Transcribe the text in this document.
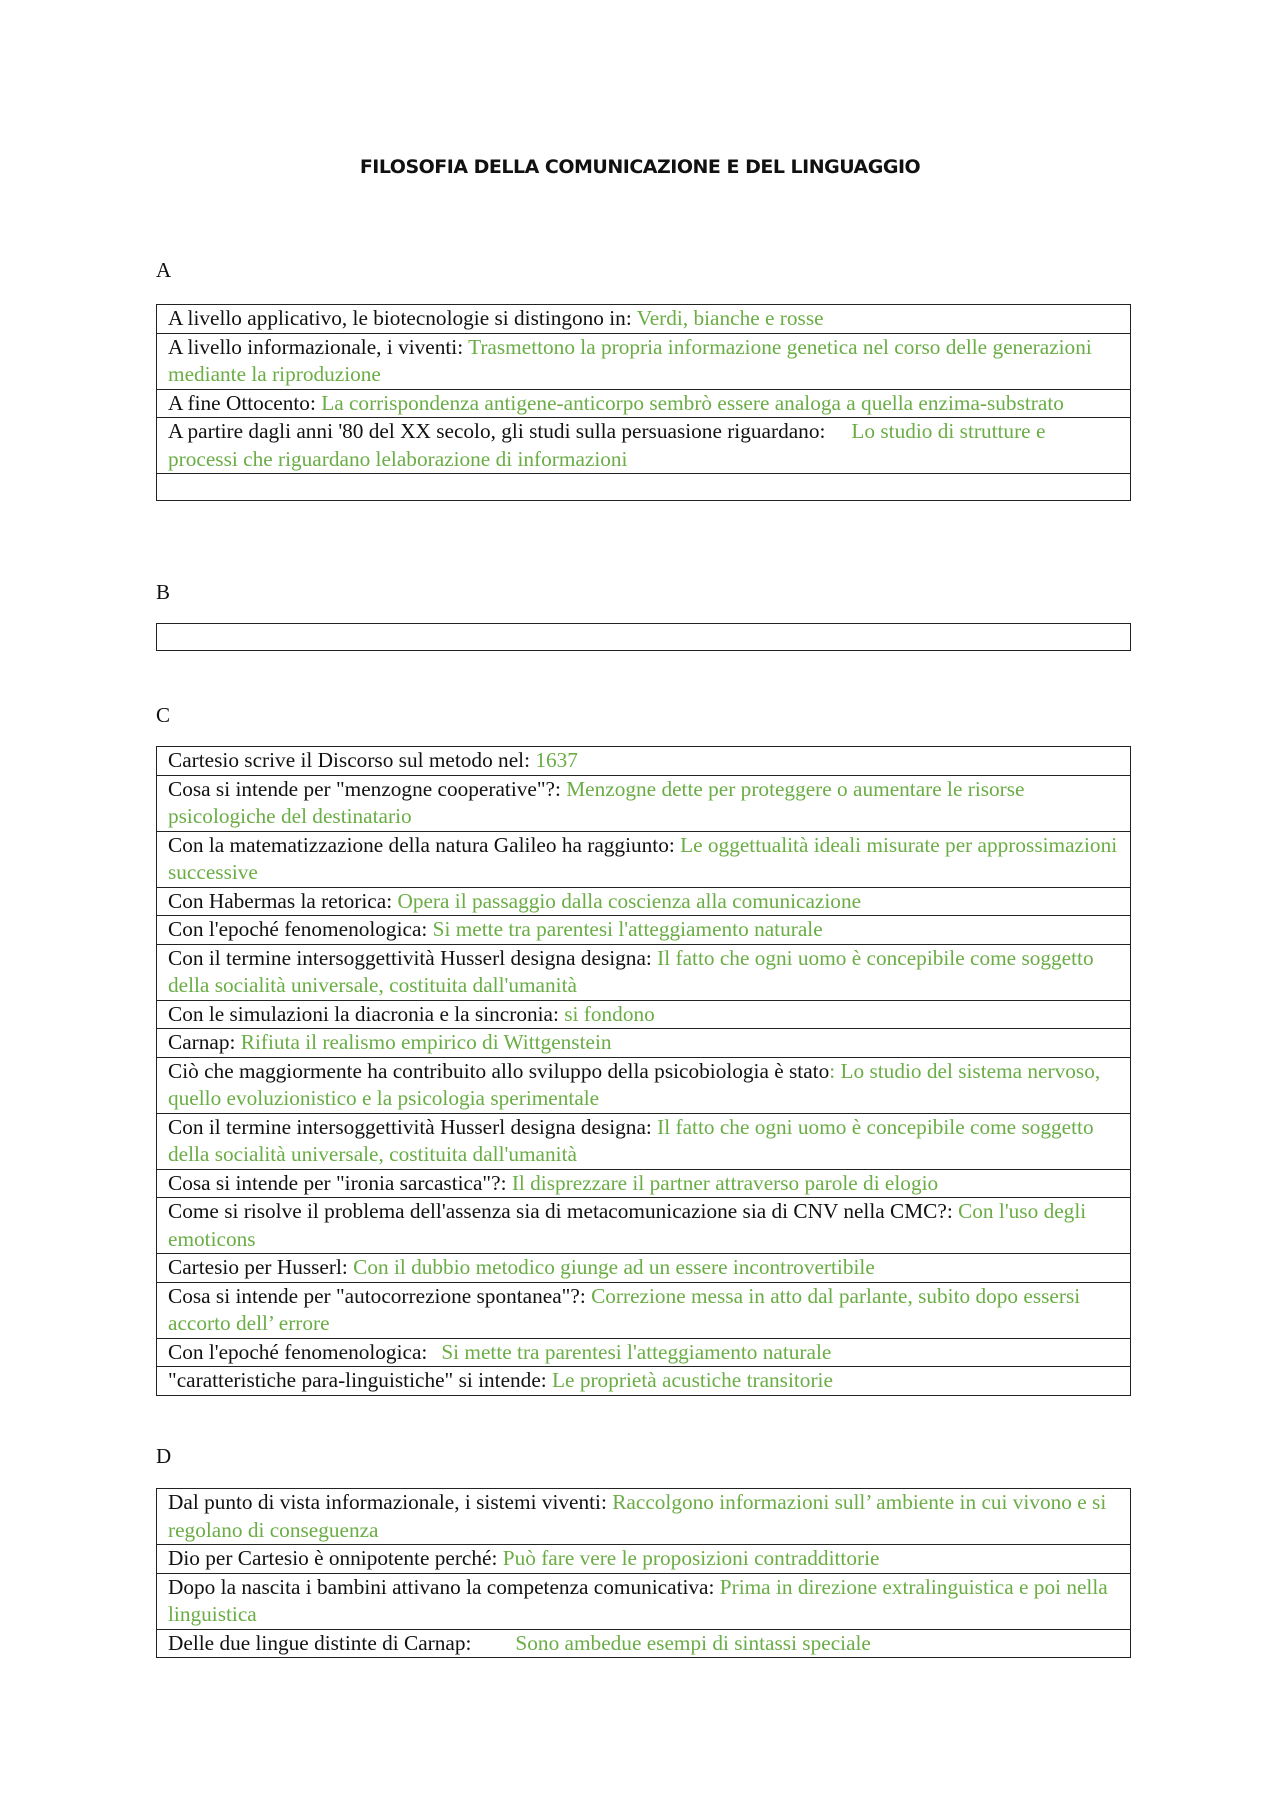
FILOSOFIA DELLA COMUNICAZIONE E DEL LINGUAGGIO
A
A livello applicativo, le biotecnologie si distingono in: Verdi, bianche e rosse
A livello informazionale, i viventi: Trasmettono la propria informazione genetica nel corso delle generazioni mediante la riproduzione
A fine Ottocento: La corrispondenza antigene-anticorpo sembrò essere analoga a quella enzima-substrato
A partire dagli anni '80 del XX secolo, gli studi sulla persuasione riguardano: Lo studio di strutture e processi che riguardano lelaborazione di informazioni

B
C
Cartesio scrive il Discorso sul metodo nel: 1637
Cosa si intende per "menzogne cooperative"?: Menzogne dette per proteggere o aumentare le risorse psicologiche del destinatario
Con la matematizzazione della natura Galileo ha raggiunto: Le oggettualità ideali misurate per approssimazioni successive
Con Habermas la retorica: Opera il passaggio dalla coscienza alla comunicazione
Con l'epoché fenomenologica: Si mette tra parentesi l'atteggiamento naturale
Con il termine intersoggettività Husserl designa designa: Il fatto che ogni uomo è concepibile come soggetto della socialità universale, costituita dall'umanità
Con le simulazioni la diacronia e la sincronia: si fondono
Carnap: Rifiuta il realismo empirico di Wittgenstein
Ciò che maggiormente ha contribuito allo sviluppo della psicobiologia è stato: Lo studio del sistema nervoso, quello evoluzionistico e la psicologia sperimentale
Con il termine intersoggettività Husserl designa designa: Il fatto che ogni uomo è concepibile come soggetto della socialità universale, costituita dall'umanità
Cosa si intende per "ironia sarcastica"?: Il disprezzare il partner attraverso parole di elogio
Come si risolve il problema dell'assenza sia di metacomunicazione sia di CNV nella CMC?: Con l'uso degli emoticons
Cartesio per Husserl: Con il dubbio metodico giunge ad un essere incontrovertibile
Cosa si intende per "autocorrezione spontanea"?: Correzione messa in atto dal parlante, subito dopo essersi accorto dell’ errore
Con l'epoché fenomenologica: Si mette tra parentesi l'atteggiamento naturale
"caratteristiche para-linguistiche" si intende: Le proprietà acustiche transitorie
D
Dal punto di vista informazionale, i sistemi viventi: Raccolgono informazioni sull’ ambiente in cui vivono e si regolano di conseguenza
Dio per Cartesio è onnipotente perché: Può fare vere le proposizioni contraddittorie
Dopo la nascita i bambini attivano la competenza comunicativa: Prima in direzione extralinguistica e poi nella linguistica
Delle due lingue distinte di Carnap: Sono ambedue esempi di sintassi speciale
